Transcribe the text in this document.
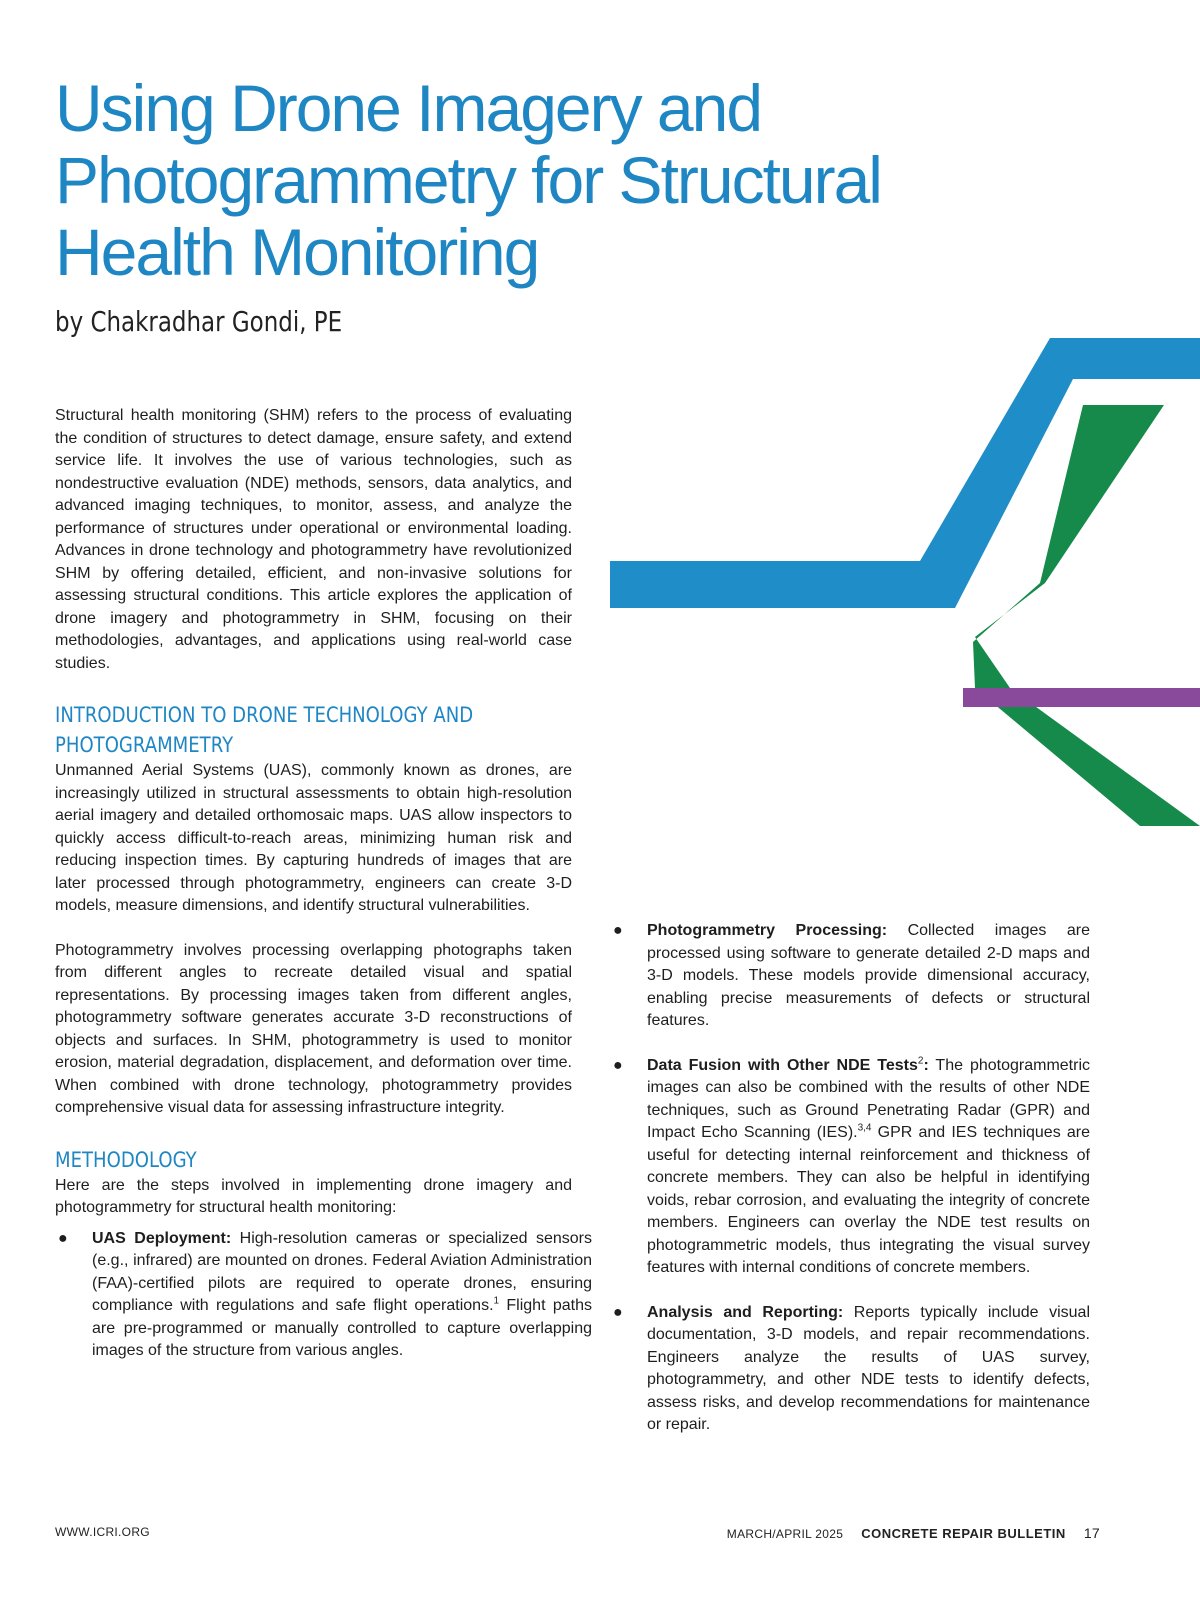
Using Drone Imagery and
Photogrammetry for Structural
Health Monitoring

by Chakradhar Gondi, PE

Structural health monitoring (SHM) refers to the process of evaluating the condition of structures to detect damage, ensure safety, and extend service life. It involves the use of various technologies, such as nondestructive evaluation (NDE) methods, sensors, data analytics, and advanced imaging techniques, to monitor, assess, and analyze the performance of structures under operational or environmental loading. Advances in drone technology and photogrammetry have revolutionized SHM by offering detailed, efficient, and non-invasive solutions for assessing structural conditions. This article explores the application of drone imagery and photogrammetry in SHM, focusing on their methodologies, advantages, and applications using real-world case studies.

INTRODUCTION TO DRONE TECHNOLOGY AND
PHOTOGRAMMETRY

Unmanned Aerial Systems (UAS), commonly known as drones, are increasingly utilized in structural assessments to obtain high-resolution aerial imagery and detailed orthomosaic maps. UAS allow inspectors to quickly access difficult-to-reach areas, minimizing human risk and reducing inspection times. By capturing hundreds of images that are later processed through photogrammetry, engineers can create 3-D models, measure dimensions, and identify structural vulnerabilities.

Photogrammetry involves processing overlapping photographs taken from different angles to recreate detailed visual and spatial representations. By processing images taken from different angles, photogrammetry software generates accurate 3-D reconstructions of objects and surfaces. In SHM, photogrammetry is used to monitor erosion, material degradation, displacement, and deformation over time. When combined with drone technology, photogrammetry provides comprehensive visual data for assessing infrastructure integrity.

METHODOLOGY

Here are the steps involved in implementing drone imagery and photogrammetry for structural health monitoring:

● UAS Deployment: High-resolution cameras or specialized sensors (e.g., infrared) are mounted on drones. Federal Aviation Administration (FAA)-certified pilots are required to operate drones, ensuring compliance with regulations and safe flight operations.$^1$ Flight paths are pre-programmed or manually controlled to capture overlapping images of the structure from various angles.

● Photogrammetry Processing: Collected images are processed using software to generate detailed 2-D maps and 3-D models. These models provide dimensional accuracy, enabling precise measurements of defects or structural features.

● Data Fusion with Other NDE Tests$^2$: The photogrammetric images can also be combined with the results of other NDE techniques, such as Ground Penetrating Radar (GPR) and Impact Echo Scanning (IES).$^{3,4}$ GPR and IES techniques are useful for detecting internal reinforcement and thickness of concrete members. They can also be helpful in identifying voids, rebar corrosion, and evaluating the integrity of concrete members. Engineers can overlay the NDE test results on photogrammetric models, thus integrating the visual survey features with internal conditions of concrete members.

● Analysis and Reporting: Reports typically include visual documentation, 3-D models, and repair recommendations. Engineers analyze the results of UAS survey, photogrammetry, and other NDE tests to identify defects, assess risks, and develop recommendations for maintenance or repair.

WWW.ICRI.ORG	MARCH/APRIL 2025 CONCRETE REPAIR BULLETIN 17
